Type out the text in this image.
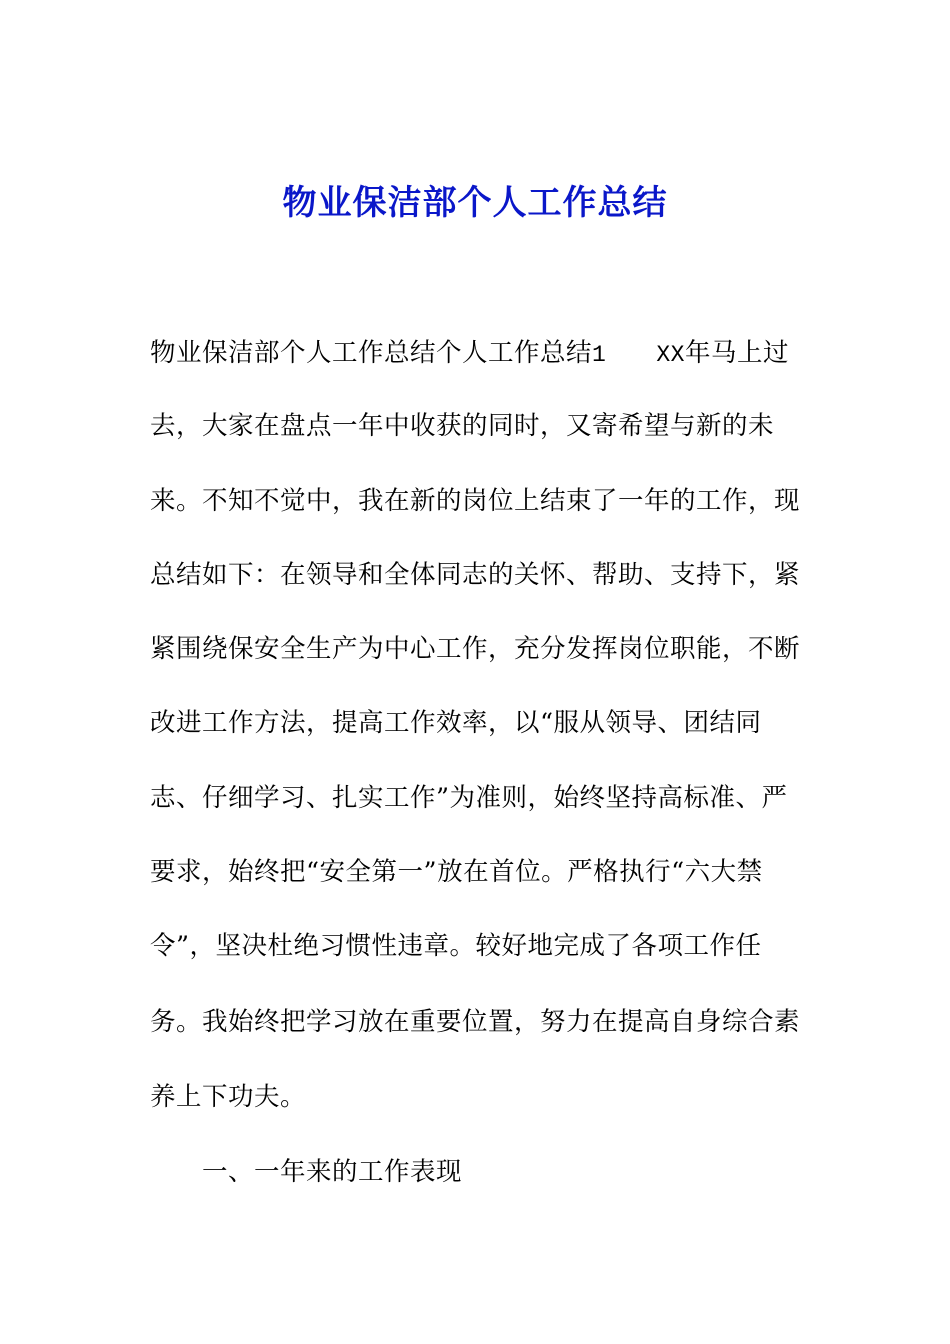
物业保洁部个人工作总结
物业保洁部个人工作总结个人工作总结1 XX年马上过
去，大家在盘点一年中收获的同时，又寄希望与新的未
来。不知不觉中，我在新的岗位上结束了一年的工作，现
总结如下：在领导和全体同志的关怀、帮助、支持下，紧
紧围绕保安全生产为中心工作，充分发挥岗位职能，不断
改进工作方法，提高工作效率，以“服从领导、团结同
志、仔细学习、扎实工作”为准则，始终坚持高标准、严
要求，始终把“安全第一”放在首位。严格执行“六大禁
令”，坚决杜绝习惯性违章。较好地完成了各项工作任
务。我始终把学习放在重要位置，努力在提高自身综合素
养上下功夫。
一、一年来的工作表现
